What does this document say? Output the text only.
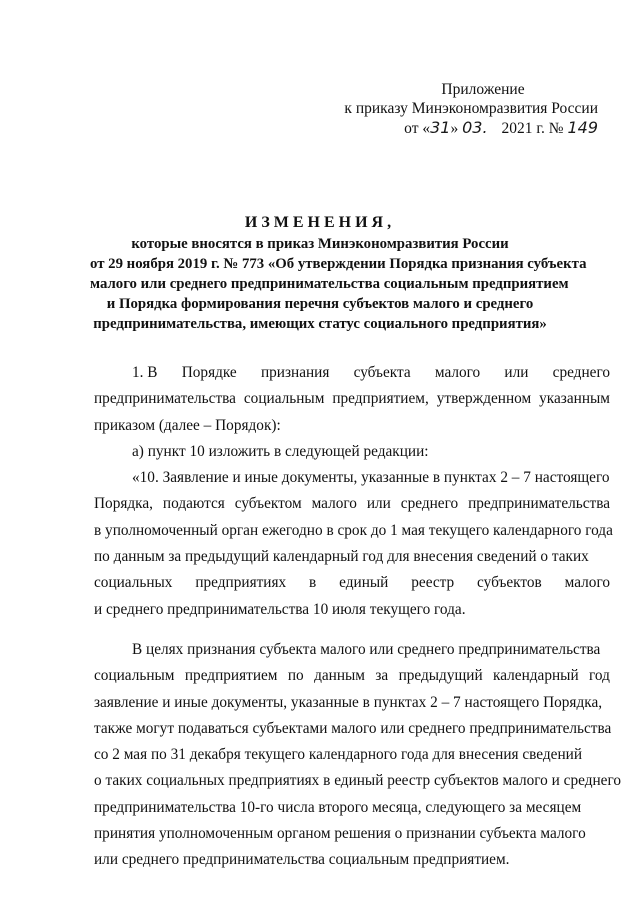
Приложение
к приказу Минэкономразвития России
от «31» 03. 2021 г. № 149
ИЗМЕНЕНИЯ,
которые вносятся в приказ Минэкономразвития России
от 29 ноября 2019 г. № 773 «Об утверждении Порядка признания субъекта
малого или среднего предпринимательства социальным предприятием
и Порядка формирования перечня субъектов малого и среднего
предпринимательства, имеющих статус социального предприятия»
1. В Порядке признания субъекта малого или среднего
предпринимательства социальным предприятием, утвержденном указанным
приказом (далее – Порядок):
а) пункт 10 изложить в следующей редакции:
«10. Заявление и иные документы, указанные в пунктах 2 – 7 настоящего
Порядка, подаются субъектом малого или среднего предпринимательства
в уполномоченный орган ежегодно в срок до 1 мая текущего календарного года
по данным за предыдущий календарный год для внесения сведений о таких
социальных предприятиях в единый реестр субъектов малого
и среднего предпринимательства 10 июля текущего года.
В целях признания субъекта малого или среднего предпринимательства
социальным предприятием по данным за предыдущий календарный год
заявление и иные документы, указанные в пунктах 2 – 7 настоящего Порядка,
также могут подаваться субъектами малого или среднего предпринимательства
со 2 мая по 31 декабря текущего календарного года для внесения сведений
о таких социальных предприятиях в единый реестр субъектов малого и среднего
предпринимательства 10-го числа второго месяца, следующего за месяцем
принятия уполномоченным органом решения о признании субъекта малого
или среднего предпринимательства социальным предприятием.
